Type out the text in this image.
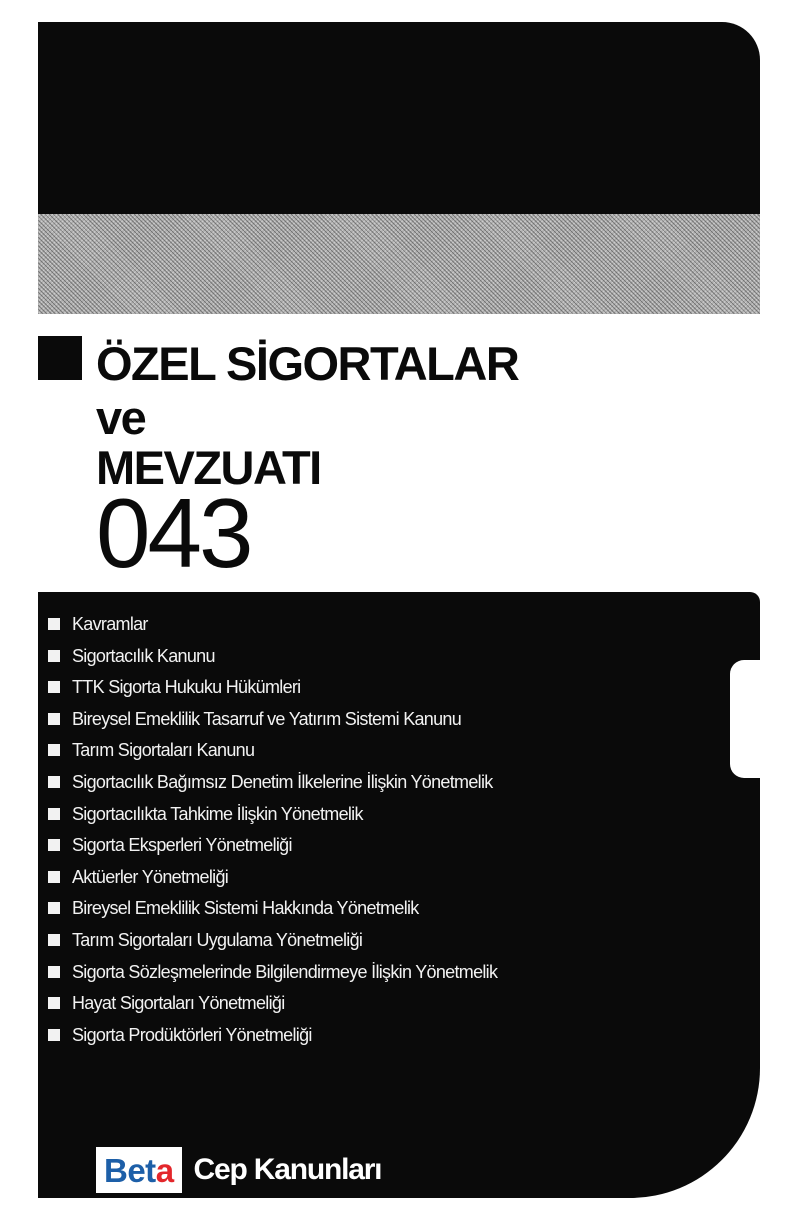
ÖZEL SİGORTALAR
ve
MEVZUATI
043
Kavramlar
Sigortacılık Kanunu
TTK Sigorta Hukuku Hükümleri
Bireysel Emeklilik Tasarruf ve Yatırım Sistemi Kanunu
Tarım Sigortaları Kanunu
Sigortacılık Bağımsız Denetim İlkelerine İlişkin Yönetmelik
Sigortacılıkta Tahkime İlişkin Yönetmelik
Sigorta Eksperleri Yönetmeliği
Aktüerler Yönetmeliği
Bireysel Emeklilik Sistemi Hakkında Yönetmelik
Tarım Sigortaları Uygulama Yönetmeliği
Sigorta Sözleşmelerinde Bilgilendirmeye İlişkin Yönetmelik
Hayat Sigortaları Yönetmeliği
Sigorta Prodüktörleri Yönetmeliği
Bet a Cep Kanunları
